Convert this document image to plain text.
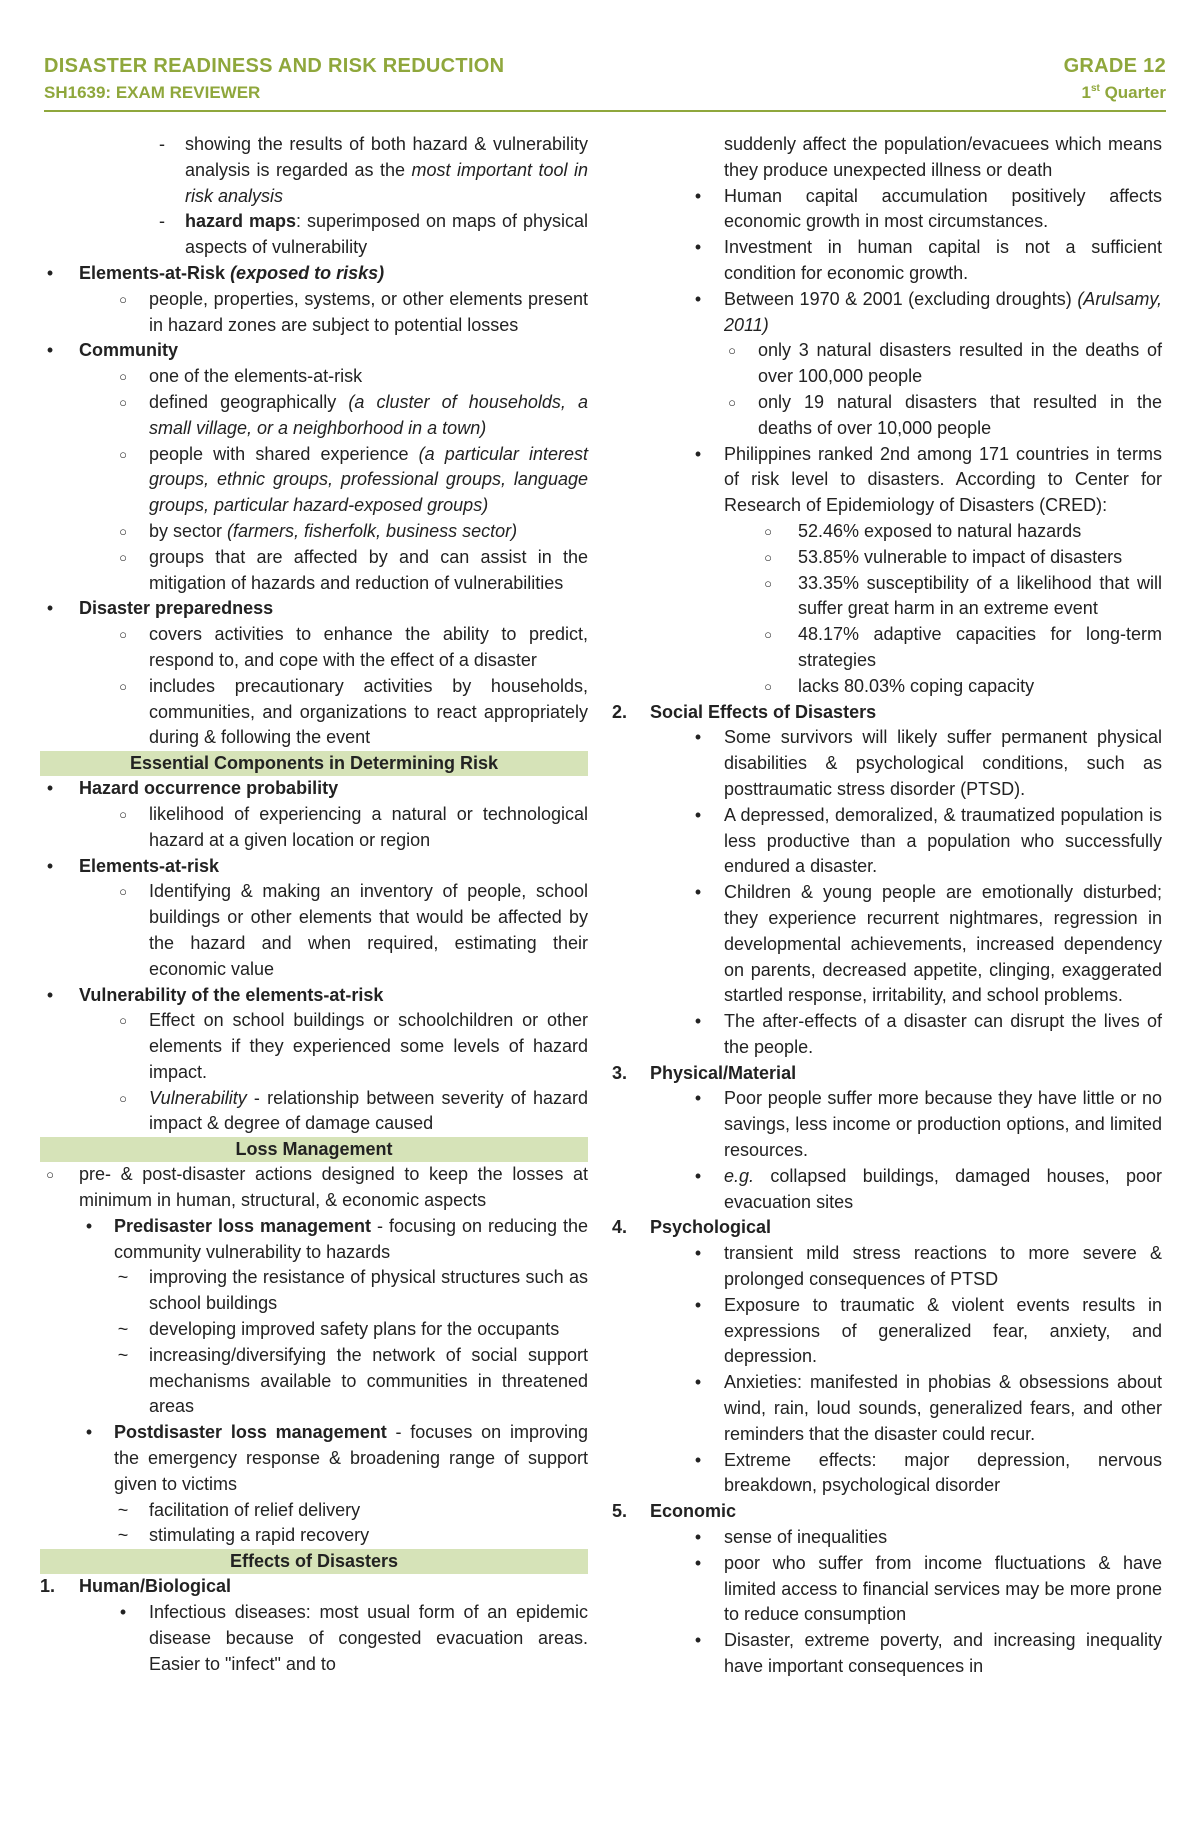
DISASTER READINESS AND RISK REDUCTION
SH1639: EXAM REVIEWER
GRADE 12
1st Quarter
-	showing the results of both hazard & vulnerability analysis is regarded as the most important tool in risk analysis
-	hazard maps: superimposed on maps of physical aspects of vulnerability
•	Elements-at-Risk (exposed to risks)
○	people, properties, systems, or other elements present in hazard zones are subject to potential losses
•	Community
○	one of the elements-at-risk
○	defined geographically (a cluster of households, a small village, or a neighborhood in a town)
○	people with shared experience (a particular interest groups, ethnic groups, professional groups, language groups, particular hazard-exposed groups)
○	by sector (farmers, fisherfolk, business sector)
○	groups that are affected by and can assist in the mitigation of hazards and reduction of vulnerabilities
•	Disaster preparedness
○	covers activities to enhance the ability to predict, respond to, and cope with the effect of a disaster
○	includes precautionary activities by households, communities, and organizations to react appropriately during & following the event
Essential Components in Determining Risk
•	Hazard occurrence probability
○	likelihood of experiencing a natural or technological hazard at a given location or region
•	Elements-at-risk
○	Identifying & making an inventory of people, school buildings or other elements that would be affected by the hazard and when required, estimating their economic value
•	Vulnerability of the elements-at-risk
○	Effect on school buildings or schoolchildren or other elements if they experienced some levels of hazard impact.
○	Vulnerability - relationship between severity of hazard impact & degree of damage caused
Loss Management
○	pre- & post-disaster actions designed to keep the losses at minimum in human, structural, & economic aspects
•	Predisaster loss management - focusing on reducing the community vulnerability to hazards
~ improving the resistance of physical structures such as school buildings
~ developing improved safety plans for the occupants
~ increasing/diversifying the network of social support mechanisms available to communities in threatened areas
•	Postdisaster loss management - focuses on improving the emergency response & broadening range of support given to victims
~ facilitation of relief delivery
~ stimulating a rapid recovery
Effects of Disasters
1.	Human/Biological
•	Infectious diseases: most usual form of an epidemic disease because of congested evacuation areas. Easier to "infect" and to
suddenly affect the population/evacuees which means they produce unexpected illness or death
•	Human capital accumulation positively affects economic growth in most circumstances.
•	Investment in human capital is not a sufficient condition for economic growth.
•	Between 1970 & 2001 (excluding droughts) (Arulsamy, 2011)
○	only 3 natural disasters resulted in the deaths of over 100,000 people
○	only 19 natural disasters that resulted in the deaths of over 10,000 people
•	Philippines ranked 2nd among 171 countries in terms of risk level to disasters. According to Center for Research of Epidemiology of Disasters (CRED):
○	52.46% exposed to natural hazards
○	53.85% vulnerable to impact of disasters
○	33.35% susceptibility of a likelihood that will suffer great harm in an extreme event
○	48.17% adaptive capacities for long-term strategies
○	lacks 80.03% coping capacity
2.	Social Effects of Disasters
•	Some survivors will likely suffer permanent physical disabilities & psychological conditions, such as posttraumatic stress disorder (PTSD).
•	A depressed, demoralized, & traumatized population is less productive than a population who successfully endured a disaster.
•	Children & young people are emotionally disturbed; they experience recurrent nightmares, regression in developmental achievements, increased dependency on parents, decreased appetite, clinging, exaggerated startled response, irritability, and school problems.
•	The after-effects of a disaster can disrupt the lives of the people.
3.	Physical/Material
•	Poor people suffer more because they have little or no savings, less income or production options, and limited resources.
•	e.g. collapsed buildings, damaged houses, poor evacuation sites
4.	Psychological
•	transient mild stress reactions to more severe & prolonged consequences of PTSD
•	Exposure to traumatic & violent events results in expressions of generalized fear, anxiety, and depression.
•	Anxieties: manifested in phobias & obsessions about wind, rain, loud sounds, generalized fears, and other reminders that the disaster could recur.
•	Extreme effects: major depression, nervous breakdown, psychological disorder
5.	Economic
•	sense of inequalities
•	poor who suffer from income fluctuations & have limited access to financial services may be more prone to reduce consumption
•	Disaster, extreme poverty, and increasing inequality have important consequences in
